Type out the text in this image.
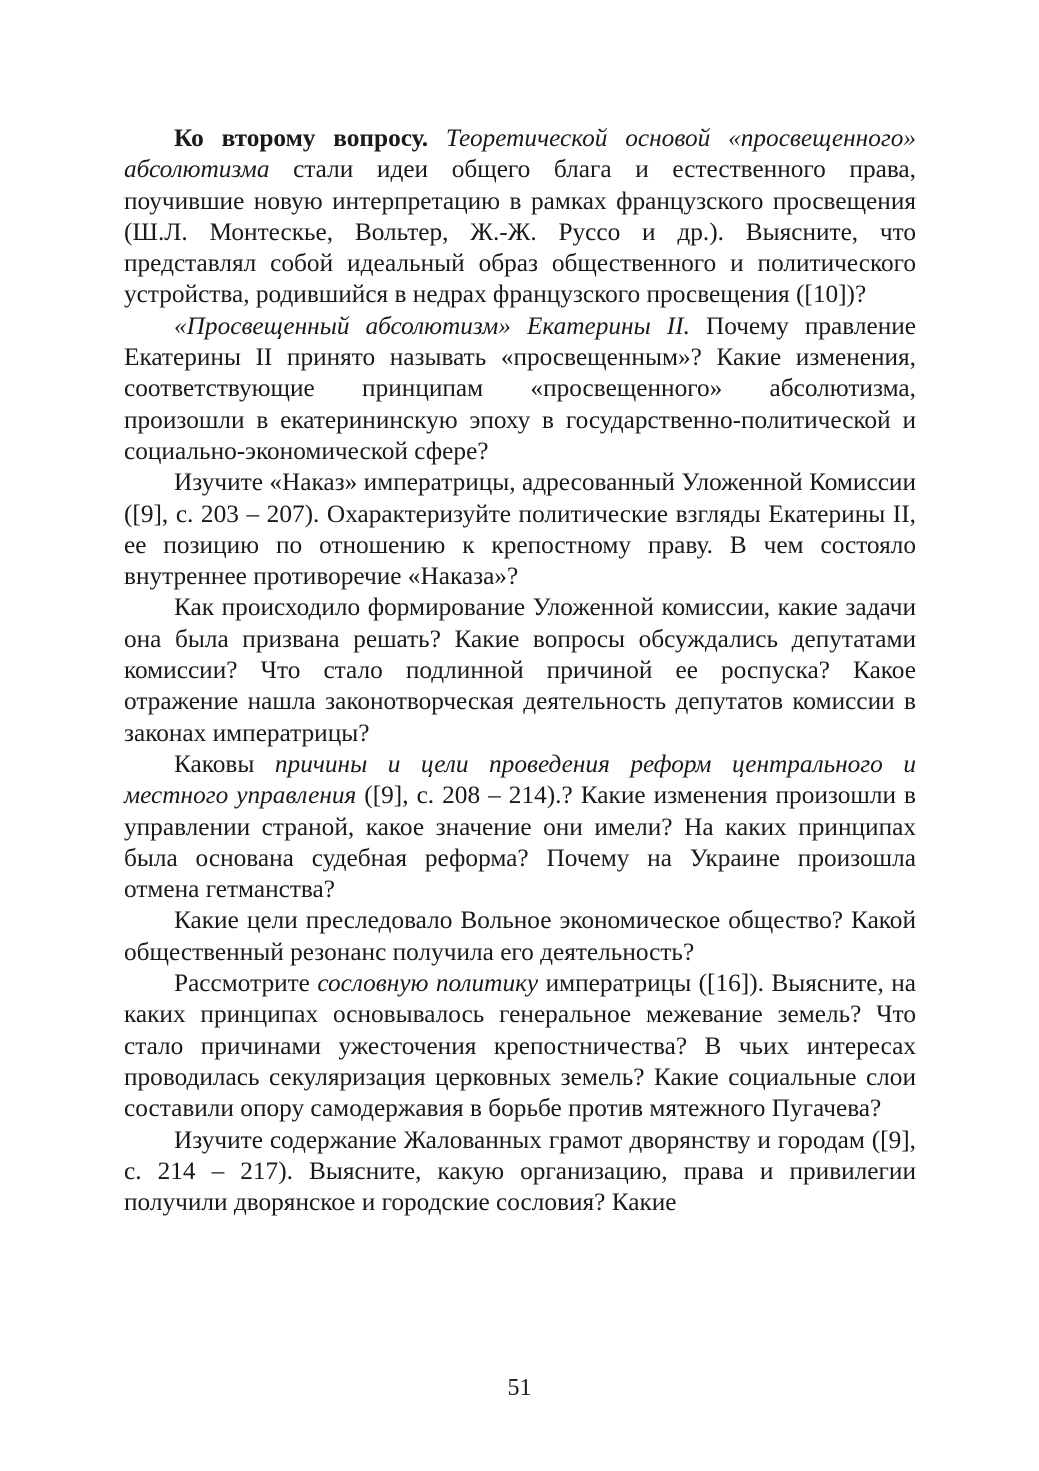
Ко второму вопросу. Теоретической основой «просвещенного» абсолютизма стали идеи общего блага и естественного права, поучившие новую интерпретацию в рамках французского просвещения (Ш.Л. Монтескье, Вольтер, Ж.-Ж. Руссо и др.). Выясните, что представлял собой идеальный образ общественного и политического устройства, родившийся в недрах французского просвещения ([10])?

«Просвещенный абсолютизм» Екатерины II. Почему правление Екатерины II принято называть «просвещенным»? Какие изменения, соответствующие принципам «просвещенного» абсолютизма, произошли в екатерининскую эпоху в государственно-политической и социально-экономической сфере?

Изучите «Наказ» императрицы, адресованный Уложенной Комиссии ([9], с. 203 – 207). Охарактеризуйте политические взгляды Екатерины II, ее позицию по отношению к крепостному праву. В чем состояло внутреннее противоречие «Наказа»?

Как происходило формирование Уложенной комиссии, какие задачи она была призвана решать? Какие вопросы обсуждались депутатами комиссии? Что стало подлинной причиной ее роспуска? Какое отражение нашла законотворческая деятельность депутатов комиссии в законах императрицы?

Каковы причины и цели проведения реформ центрального и местного управления ([9], с. 208 – 214).? Какие изменения произошли в управлении страной, какое значение они имели? На каких принципах была основана судебная реформа? Почему на Украине произошла отмена гетманства?

Какие цели преследовало Вольное экономическое общество? Какой общественный резонанс получила его деятельность?

Рассмотрите сословную политику императрицы ([16]). Выясните, на каких принципах основывалось генеральное межевание земель? Что стало причинами ужесточения крепостничества? В чьих интересах проводилась секуляризация церковных земель? Какие социальные слои составили опору самодержавия в борьбе против мятежного Пугачева?

Изучите содержание Жалованных грамот дворянству и городам ([9], с. 214 – 217). Выясните, какую организацию, права и привилегии получили дворянское и городские сословия? Какие

51
